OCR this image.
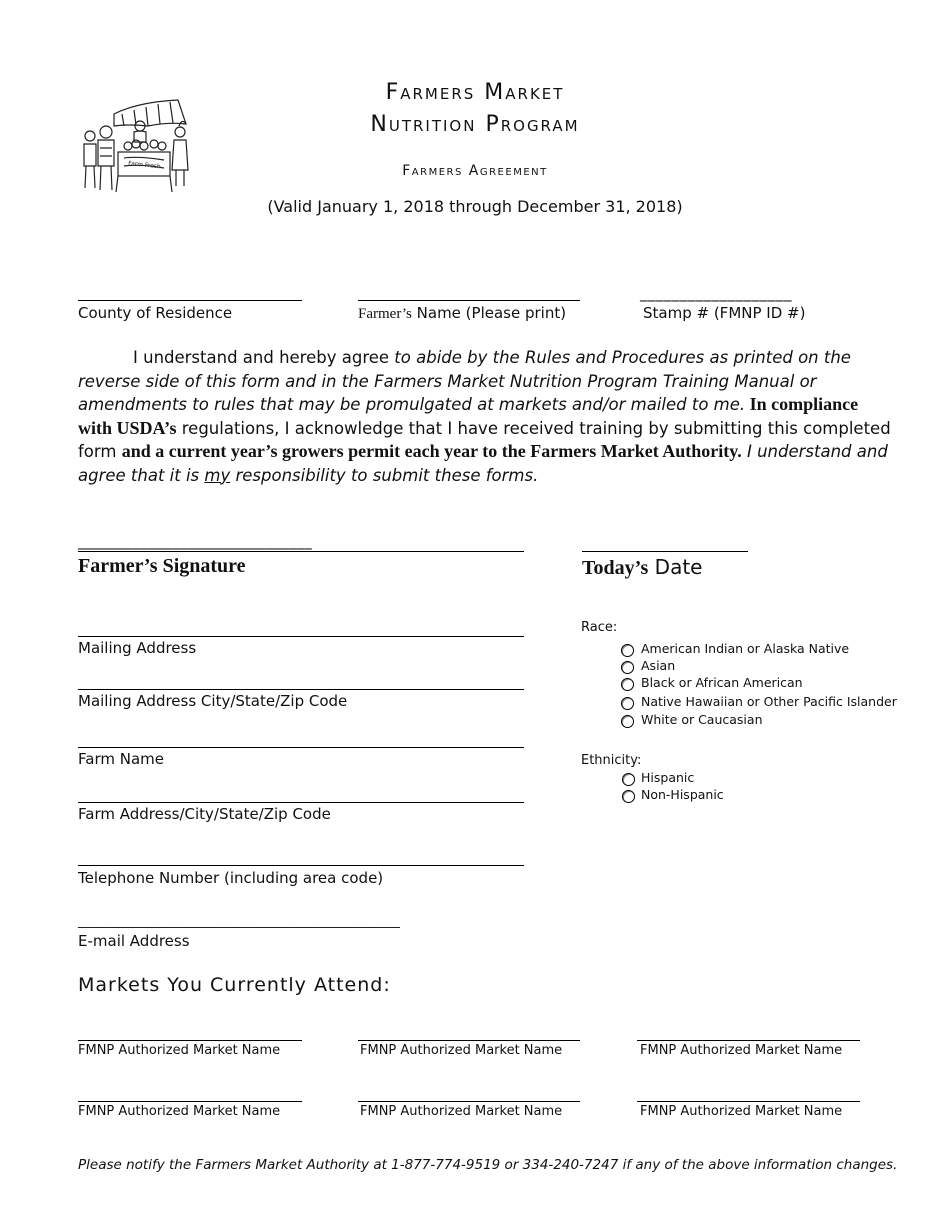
Farm Fresh
Farmers Market
Nutrition Program
Farmers Agreement
(Valid January 1, 2018 through December 31, 2018)
County of Residence	Farmer’s Name (Please print)
___________________
Stamp # (FMNP ID #)
I understand and hereby agree to abide by the Rules and Procedures as printed on the reverse side of this form and in the Farmers Market Nutrition Program Training Manual or amendments to rules that may be promulgated at markets and/or mailed to me. In compliance with USDA’s regulations, I acknowledge that I have received training by submitting this completed form and a current year’s growers permit each year to the Farmers Market Authority. I understand and agree that it is my responsibility to submit these forms.
______________________________
Farmer’s Signature	Today’s Date
Mailing Address
Mailing Address City/State/Zip Code
Farm Name
Farm Address/City/State/Zip Code
Telephone Number (including area code)
_______________________________________________
E-mail Address
Race:
American Indian or Alaska Native
Asian
Black or African American
Native Hawaiian or Other Pacific Islander
White or Caucasian
Ethnicity:
Hispanic
Non-Hispanic
Markets You Currently Attend:
FMNP Authorized Market Name	FMNP Authorized Market Name	FMNP Authorized Market Name
FMNP Authorized Market Name	FMNP Authorized Market Name	FMNP Authorized Market Name
Please notify the Farmers Market Authority at 1-877-774-9519 or 334-240-7247 if any of the above information changes.
